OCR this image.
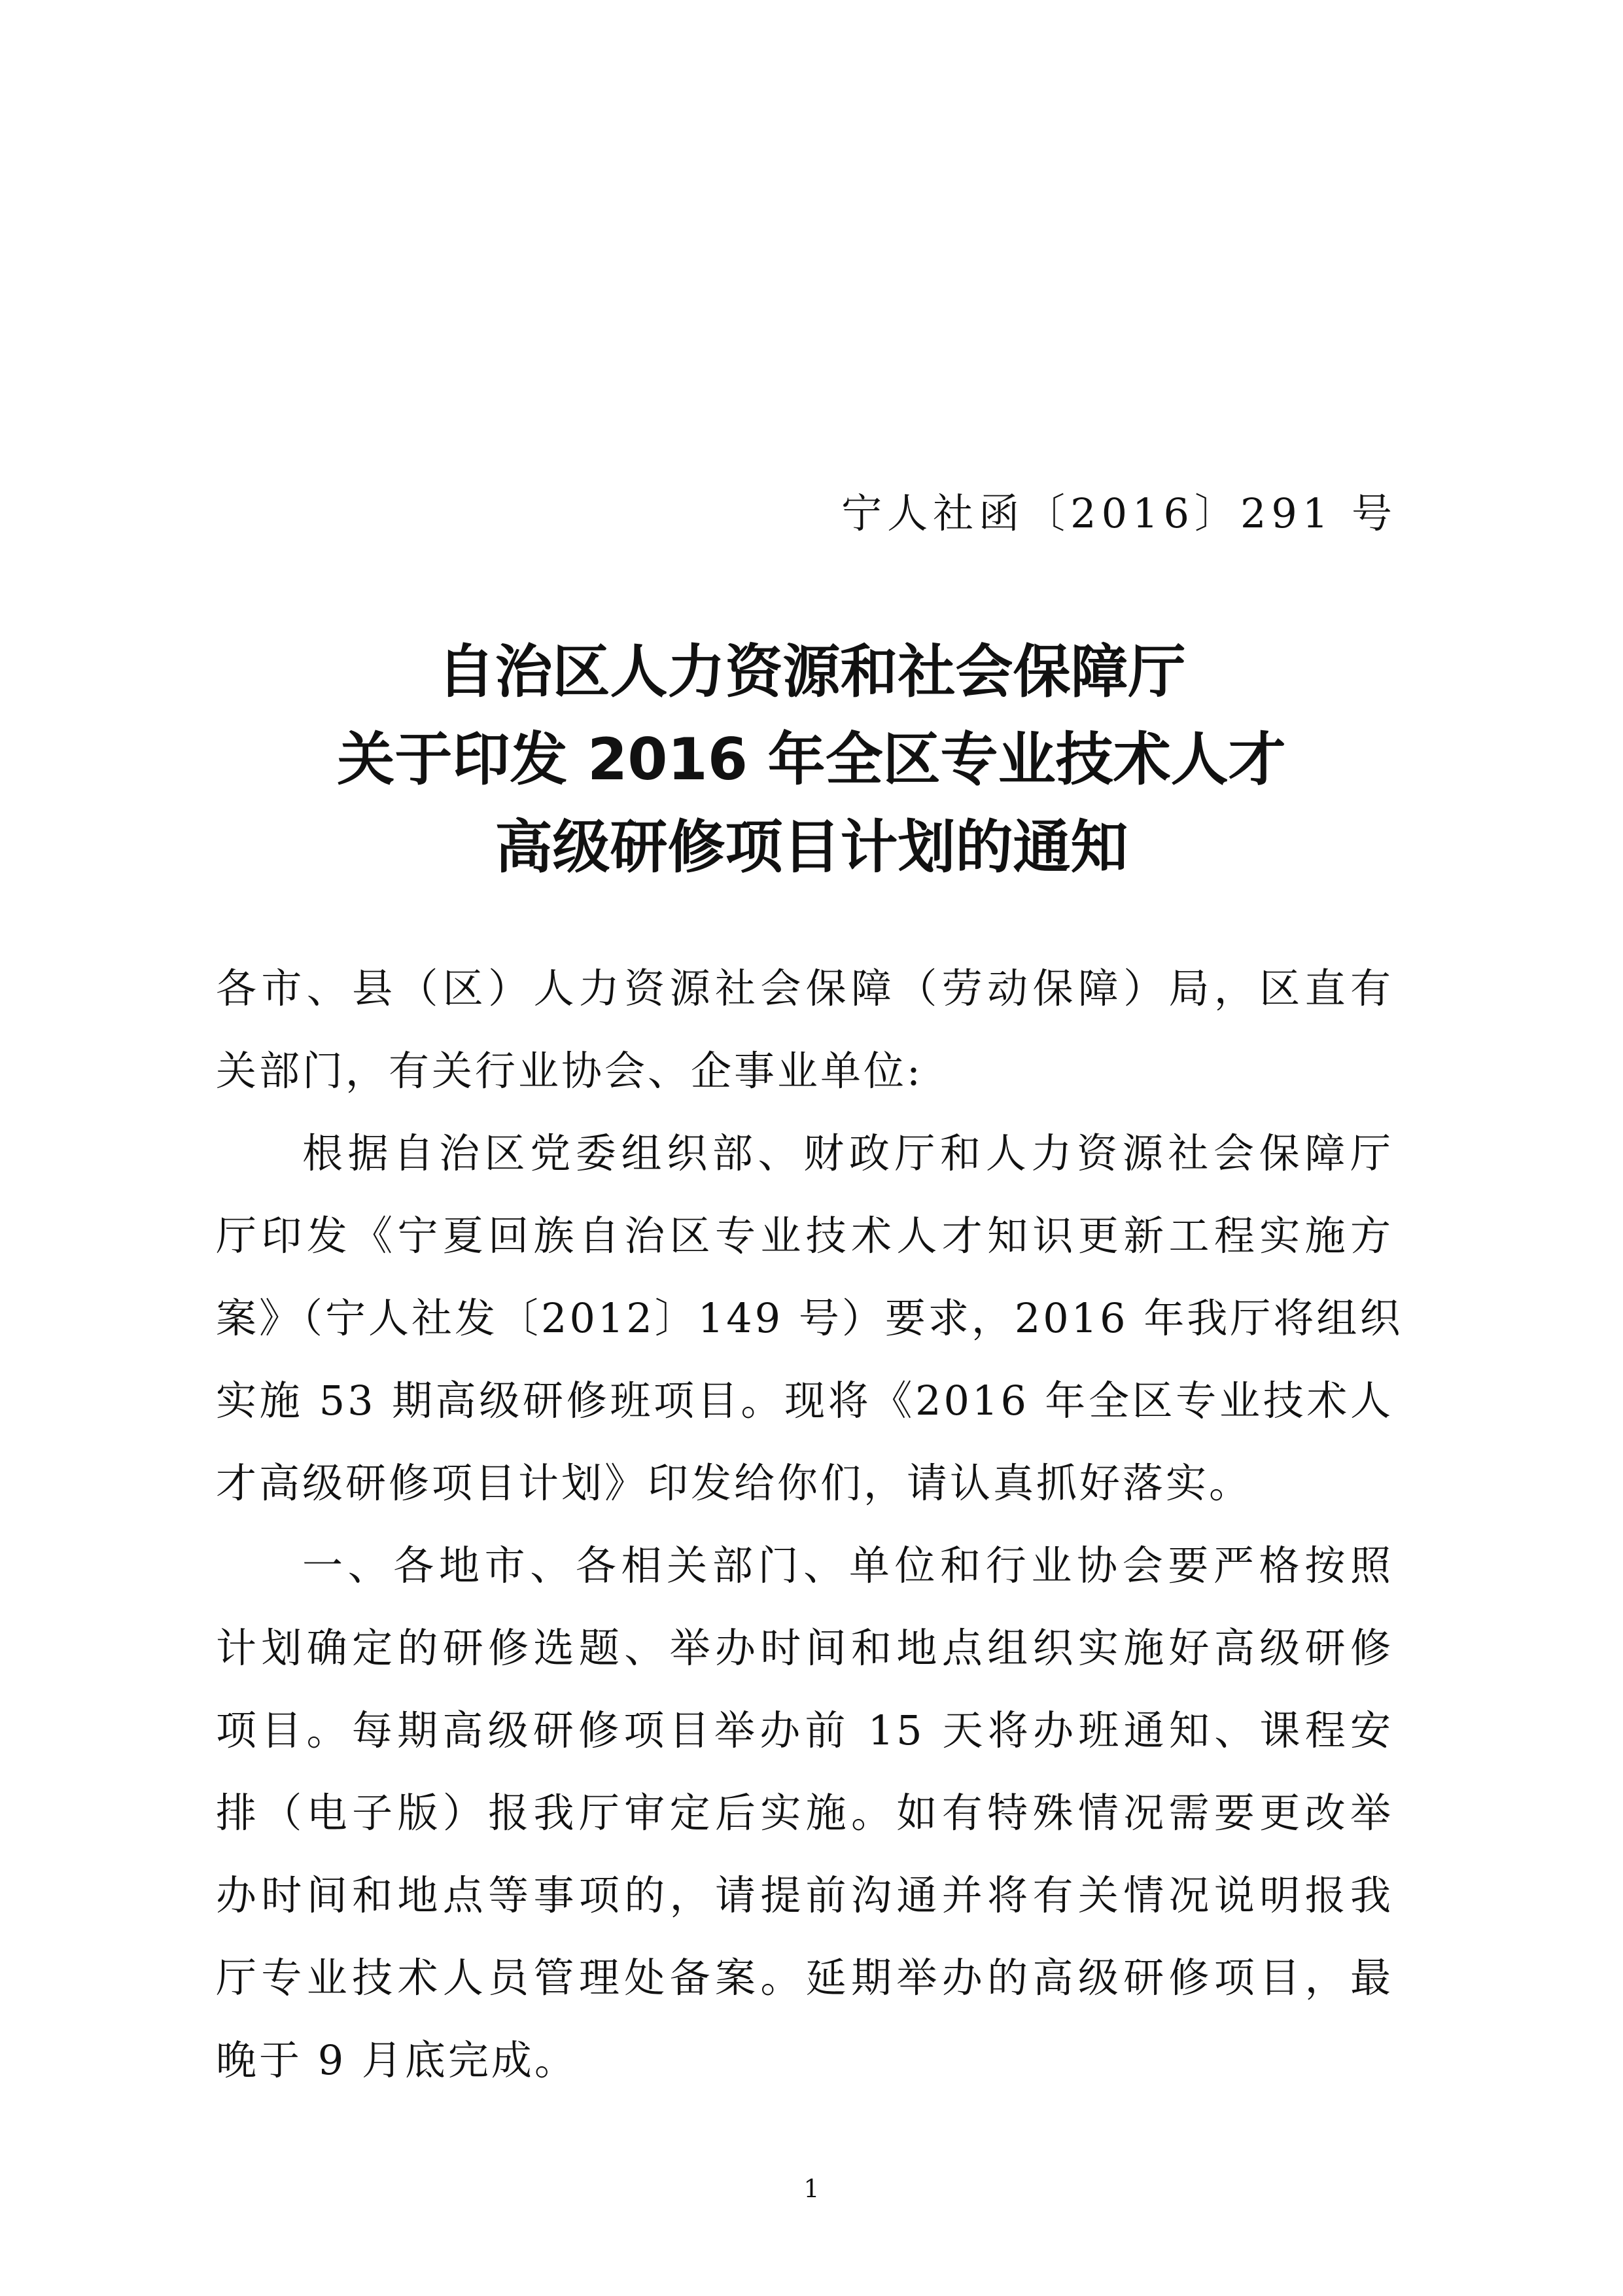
宁人社函〔2016〕291 号
自治区人力资源和社会保障厅
关于印发 2016 年全区专业技术人才
高级研修项目计划的通知
各市、县（区）人力资源社会保障（劳动保障）局，区直有
关部门，有关行业协会、企事业单位:
根据自治区党委组织部、财政厅和人力资源社会保障厅
厅印发《宁夏回族自治区专业技术人才知识更新工程实施方
案》（宁人社发〔2012〕149 号）要求，2016 年我厅将组织
实施 53 期高级研修班项目。现将《2016 年全区专业技术人
才高级研修项目计划》印发给你们，请认真抓好落实。
一、各地市、各相关部门、单位和行业协会要严格按照
计划确定的研修选题、举办时间和地点组织实施好高级研修
项目。每期高级研修项目举办前 15 天将办班通知、课程安
排（电子版）报我厅审定后实施。如有特殊情况需要更改举
办时间和地点等事项的，请提前沟通并将有关情况说明报我
厅专业技术人员管理处备案。延期举办的高级研修项目，最
晚于 9 月底完成。
1
